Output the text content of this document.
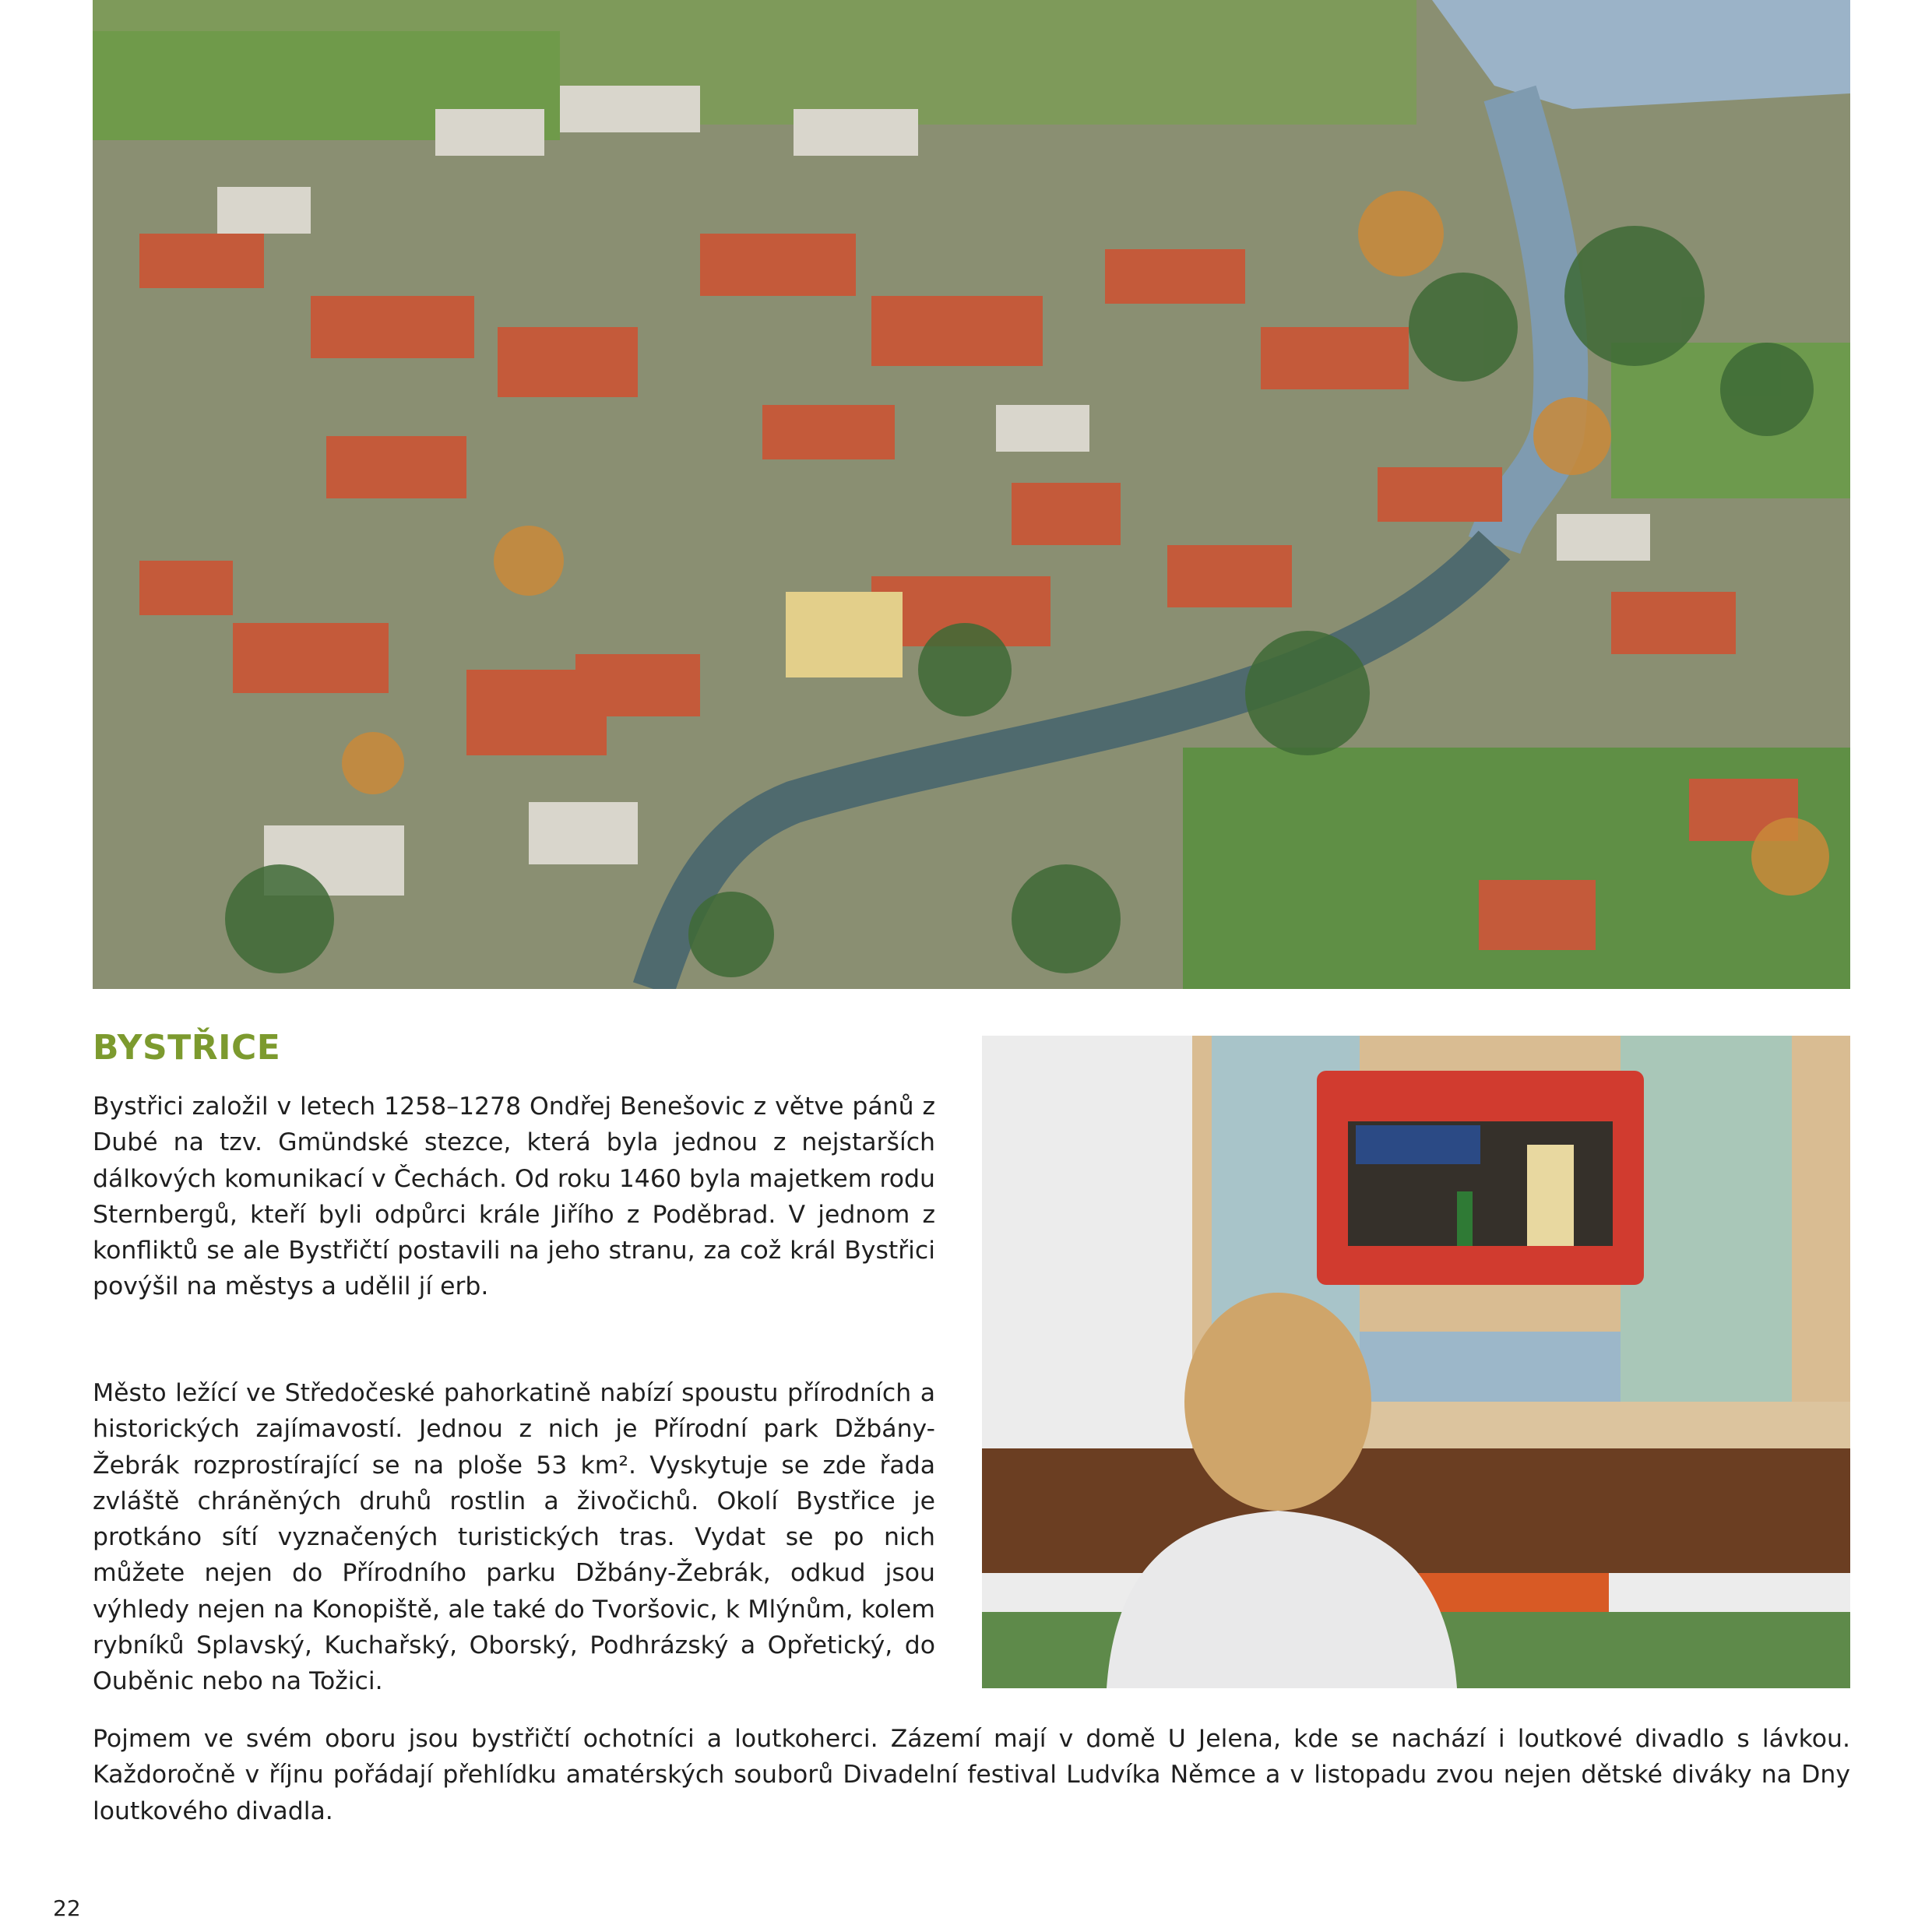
BYSTŘICE

Bystřici založil v letech 1258–1278 Ondřej Benešovic z větve pánů z Dubé na tzv. Gmündské stezce, která byla jednou z nejstarších dálkových komunikací v Čechách. Od roku 1460 byla majetkem rodu Sternbergů, kteří byli odpůrci krále Jiřího z Poděbrad. V jednom z konfliktů se ale Bystřičtí postavili na jeho stranu, za což král Bystřici povýšil na městys a udělil jí erb.

Město ležící ve Středočeské pahorkatině nabízí spoustu přírodních a historických zajímavostí. Jednou z nich je Přírodní park Džbány-Žebrák rozprostírající se na ploše 53 km². Vyskytuje se zde řada zvláště chráněných druhů rostlin a živočichů. Okolí Bystřice je protkáno sítí vyznačených turistických tras. Vydat se po nich můžete nejen do Přírodního parku Džbány-Žebrák, odkud jsou výhledy nejen na Konopiště, ale také do Tvoršovic, k Mlýnům, kolem rybníků Splavský, Kuchařský, Oborský, Podhrázský a Opřetický, do Ouběnic nebo na Tožici.

Pojmem ve svém oboru jsou bystřičtí ochotníci a loutkoherci. Zázemí mají v domě U Jelena, kde se nachází i loutkové divadlo s lávkou. Každoročně v říjnu pořádají přehlídku amatérských souborů Divadelní festival Ludvíka Němce a v listopadu zvou nejen dětské diváky na Dny loutkového divadla.

22
